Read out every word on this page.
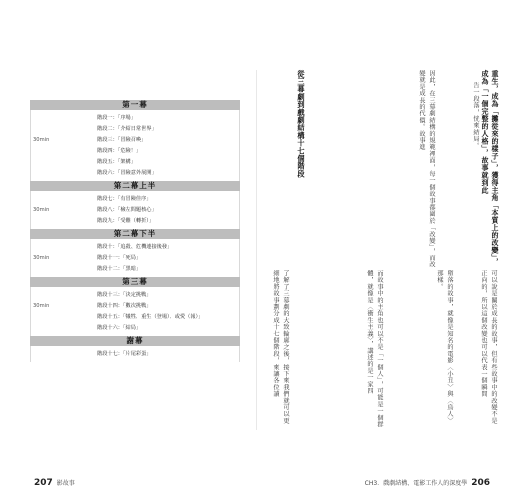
第一幕
階段一：「序場」
階段二：「介紹日常世界」
30min	階段三：「冒險召喚」
階段四：「危險！」
階段五：「架構」
階段六：「冒險意外展開」
第二幕上半
階段七：「有冒險佳序」
30min	階段八：「檢左問題核心」
階段九：「受難（轉折）」
第二幕下半
階段十：「追殺、危機連接後發」
30min	階段十一：「死局」
階段十二：「黑暗」
第三幕
階段十三：「決定挑戰」
30min	階段十四：「數次挑戰」
階段十五：「犧牲．重生（登場）．或愛（報）」
階段十六：「結局」
謝幕
階段十七：「片尾彩蛋」
207 影故事
重生，成為「攤從來的樣子」，獲得主角「本質上的改變」，成為「一個完整的人格」，故事就到此
告一段落，恍來結局。
因此，在三幕劇結構的規範裡面，每一個故事都圍於「改變」，而改變就是成長的代價。故事進
從三幕劇到戲劇結構十七個階段
可以說是關於成長的故事，但有些故事中的改變不是正向的，所以這個改變也可以代表一個瞬間
墮落的故事，就像是知名的電影〈小丑〉與〈鳥人〉那樣。
而故事中的主角也可以不是「一個人」，可能是一個群體，就像是〈衝生主義〉，講述的是一家四
了解了三幕劇的大致輪廓之後，接下來我們就可以更細地將故事劃分成十七個階段，來讓各位讀
CH3．戲劇結構、電影工作人的深度學 206
